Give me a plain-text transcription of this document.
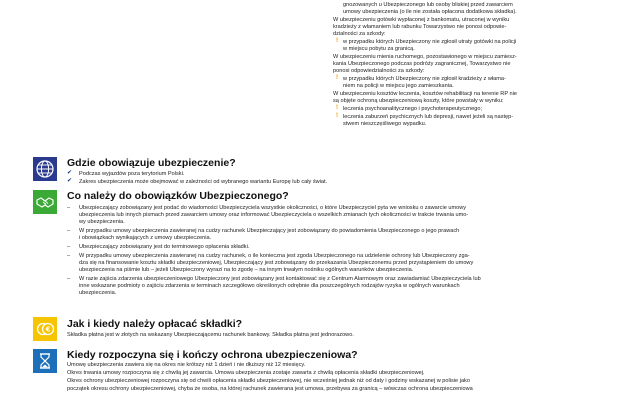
gnozowanych u Ubezpieczonego lub osoby bliskiej przed zawarciem
umowy ubezpieczenia (o ile nie została opłacona dodatkowa składka).
W ubezpieczeniu gotówki wypłaconej z bankomatu, utraconej w wyniku
kradzieży z włamaniem lub rabunku Towarzystwo nie ponosi odpowie-
dzialności za szkody:
! w przypadku których Ubezpieczony nie zgłosił utraty gotówki na policji
w miejscu pobytu za granicą.
W ubezpieczeniu mienia ruchomego, pozostawionego w miejscu zamiesz-
kania Ubezpieczonego podczas podróży zagranicznej, Towarzystwo nie
ponosi odpowiedzialności za szkody:
! w przypadku których Ubezpieczony nie zgłosił kradzieży z włama-
niem na policji w miejscu jego zamieszkania.
W ubezpieczeniu kosztów leczenia, kosztów rehabilitacji na terenie RP nie
są objęte ochroną ubezpieczeniową koszty, które powstały w wyniku:
! leczenia psychoanalitycznego i psychoterapeutycznego;
! leczenia zaburzeń psychicznych lub depresji, nawet jeżeli są następ-
stwem nieszczęśliwego wypadku.
Gdzie obowiązuje ubezpieczenie?
✔ Podczas wyjazdów poza terytorium Polski.
✔ Zakres ubezpieczenia może obejmować w zależności od wybranego wariantu Europę lub cały świat.
Co należy do obowiązków Ubezpieczonego?
– Ubezpieczający zobowiązany jest podać do wiadomości Ubezpieczyciela wszystkie okoliczności, o które Ubezpieczyciel pyta we wniosku o zawarcie umowy
ubezpieczenia lub innych pismach przed zawarciem umowy oraz informować Ubezpieczyciela o wszelkich zmianach tych okoliczności w trakcie trwania umo-
wy ubezpieczenia.
– W przypadku umowy ubezpieczenia zawieranej na cudzy rachunek Ubezpieczający jest zobowiązany do powiadomienia Ubezpieczonego o jego prawach
i obowiązkach wynikających z umowy ubezpieczenia.
– Ubezpieczający zobowiązany jest do terminowego opłacenia składki.
– W przypadku umowy ubezpieczenia zawieranej na cudzy rachunek, o ile konieczna jest zgoda Ubezpieczonego na udzielenie ochrony lub Ubezpieczony zga-
dza się na finansowanie kosztu składki ubezpieczeniowej, Ubezpieczający jest zobowiązany do przekazania Ubezpieczonemu przed przystąpieniem do umowy
ubezpieczenia na piśmie lub – jeżeli Ubezpieczony wyrazi na to zgodę – na innym trwałym nośniku ogólnych warunków ubezpieczenia.
– W razie zajścia zdarzenia ubezpieczeniowego Ubezpieczony jest zobowiązany jest kontaktować się z Centrum Alarmowym oraz zawiadamiać Ubezpieczyciela lub
inne wskazane podmioty o zajściu zdarzenia w terminach szczegółowo określonych odrębnie dla poszczególnych rodzajów ryzyka w ogólnych warunkach
ubezpieczenia.
€ Jak i kiedy należy opłacać składki?
Składka płatna jest w złotych na wskazany Ubezpieczającemu rachunek bankowy. Składka płatna jest jednorazowo.
Kiedy rozpoczyna się i kończy ochrona ubezpieczeniowa?
Umowę ubezpieczenia zawiera się na okres nie krótszy niż 1 dzień i nie dłuższy niż 12 miesięcy.
Okres trwania umowy rozpoczyna się z chwilą jej zawarcia. Umowa ubezpieczenia zostaje zawarta z chwilą opłacenia składki ubezpieczeniowej.
Okres ochrony ubezpieczeniowej rozpoczyna się od chwili opłacenia składki ubezpieczeniowej, nie wcześniej jednak niż od daty i godziny wskazanej w polisie jako
początek okresu ochrony ubezpieczeniowej, chyba że osoba, na której rachunek zawierana jest umowa, przebywa za granicą – wówczas ochrona ubezpieczeniowa
